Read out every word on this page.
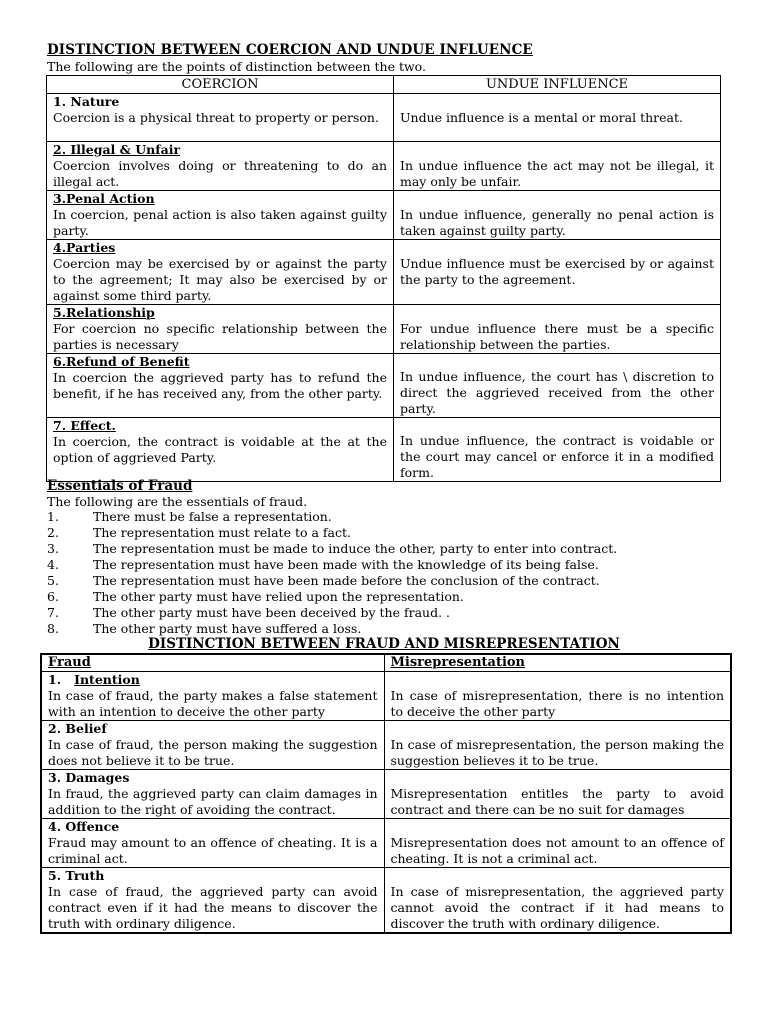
DISTINCTION BETWEEN COERCION AND UNDUE INFLUENCE
The following are the points of distinction between the two.
COERCION	UNDUE INFLUENCE

1. Nature
Coercion is a physical threat to property or person.	Undue influence is a mental or moral threat.

2. Illegal & Unfair
Coercion involves doing or threatening to do an illegal act.	In undue influence the act may not be illegal, it may only be unfair.

3.Penal Action
In coercion, penal action is also taken against guilty party.	In undue influence, generally no penal action is taken against guilty party.

4.Parties
Coercion may be exercised by or against the party to the agreement; It may also be exercised by or against some third party.	Undue influence must be exercised by or against the party to the agreement.

5.Relationship
For coercion no specific relationship between the parties is necessary	For undue influence there must be a specific relationship between the parties.

6.Refund of Benefit
In coercion the aggrieved party has to refund the benefit, if he has received any, from the other party.	In undue influence, the court has \ discretion to direct the aggrieved received from the other party.

7. Effect.
In coercion, the contract is voidable at the at the option of aggrieved Party.	In undue influence, the contract is voidable or the court may cancel or enforce it in a modified form.
Essentials of Fraud
The following are the essentials of fraud.
1.	There must be false a representation.
2.	The representation must relate to a fact.
3.	The representation must be made to induce the other, party to enter into contract.
4.	The representation must have been made with the knowledge of its being false.
5.	The representation must have been made before the conclusion of the contract.
6.	The other party must have relied upon the representation.
7.	The other party must have been deceived by the fraud. .
8.	The other party must have suffered a loss.
DISTINCTION BETWEEN FRAUD AND MISREPRESENTATION
Fraud	Misrepresentation

1. Intention
In case of fraud, the party makes a false statement with an intention to deceive the other party	In case of misrepresentation, there is no intention to deceive the other party

2. Belief
In case of fraud, the person making the suggestion does not believe it to be true.	In case of misrepresentation, the person making the suggestion believes it to be true.

3. Damages
In fraud, the aggrieved party can claim damages in addition to the right of avoiding the contract.	Misrepresentation entitles the party to avoid contract and there can be no suit for damages

4. Offence
Fraud may amount to an offence of cheating. It is a criminal act.	Misrepresentation does not amount to an offence of cheating. It is not a criminal act.

5. Truth
In case of fraud, the aggrieved party can avoid contract even if it had the means to discover the truth with ordinary diligence.	In case of misrepresentation, the aggrieved party cannot avoid the contract if it had means to discover the truth with ordinary diligence.
